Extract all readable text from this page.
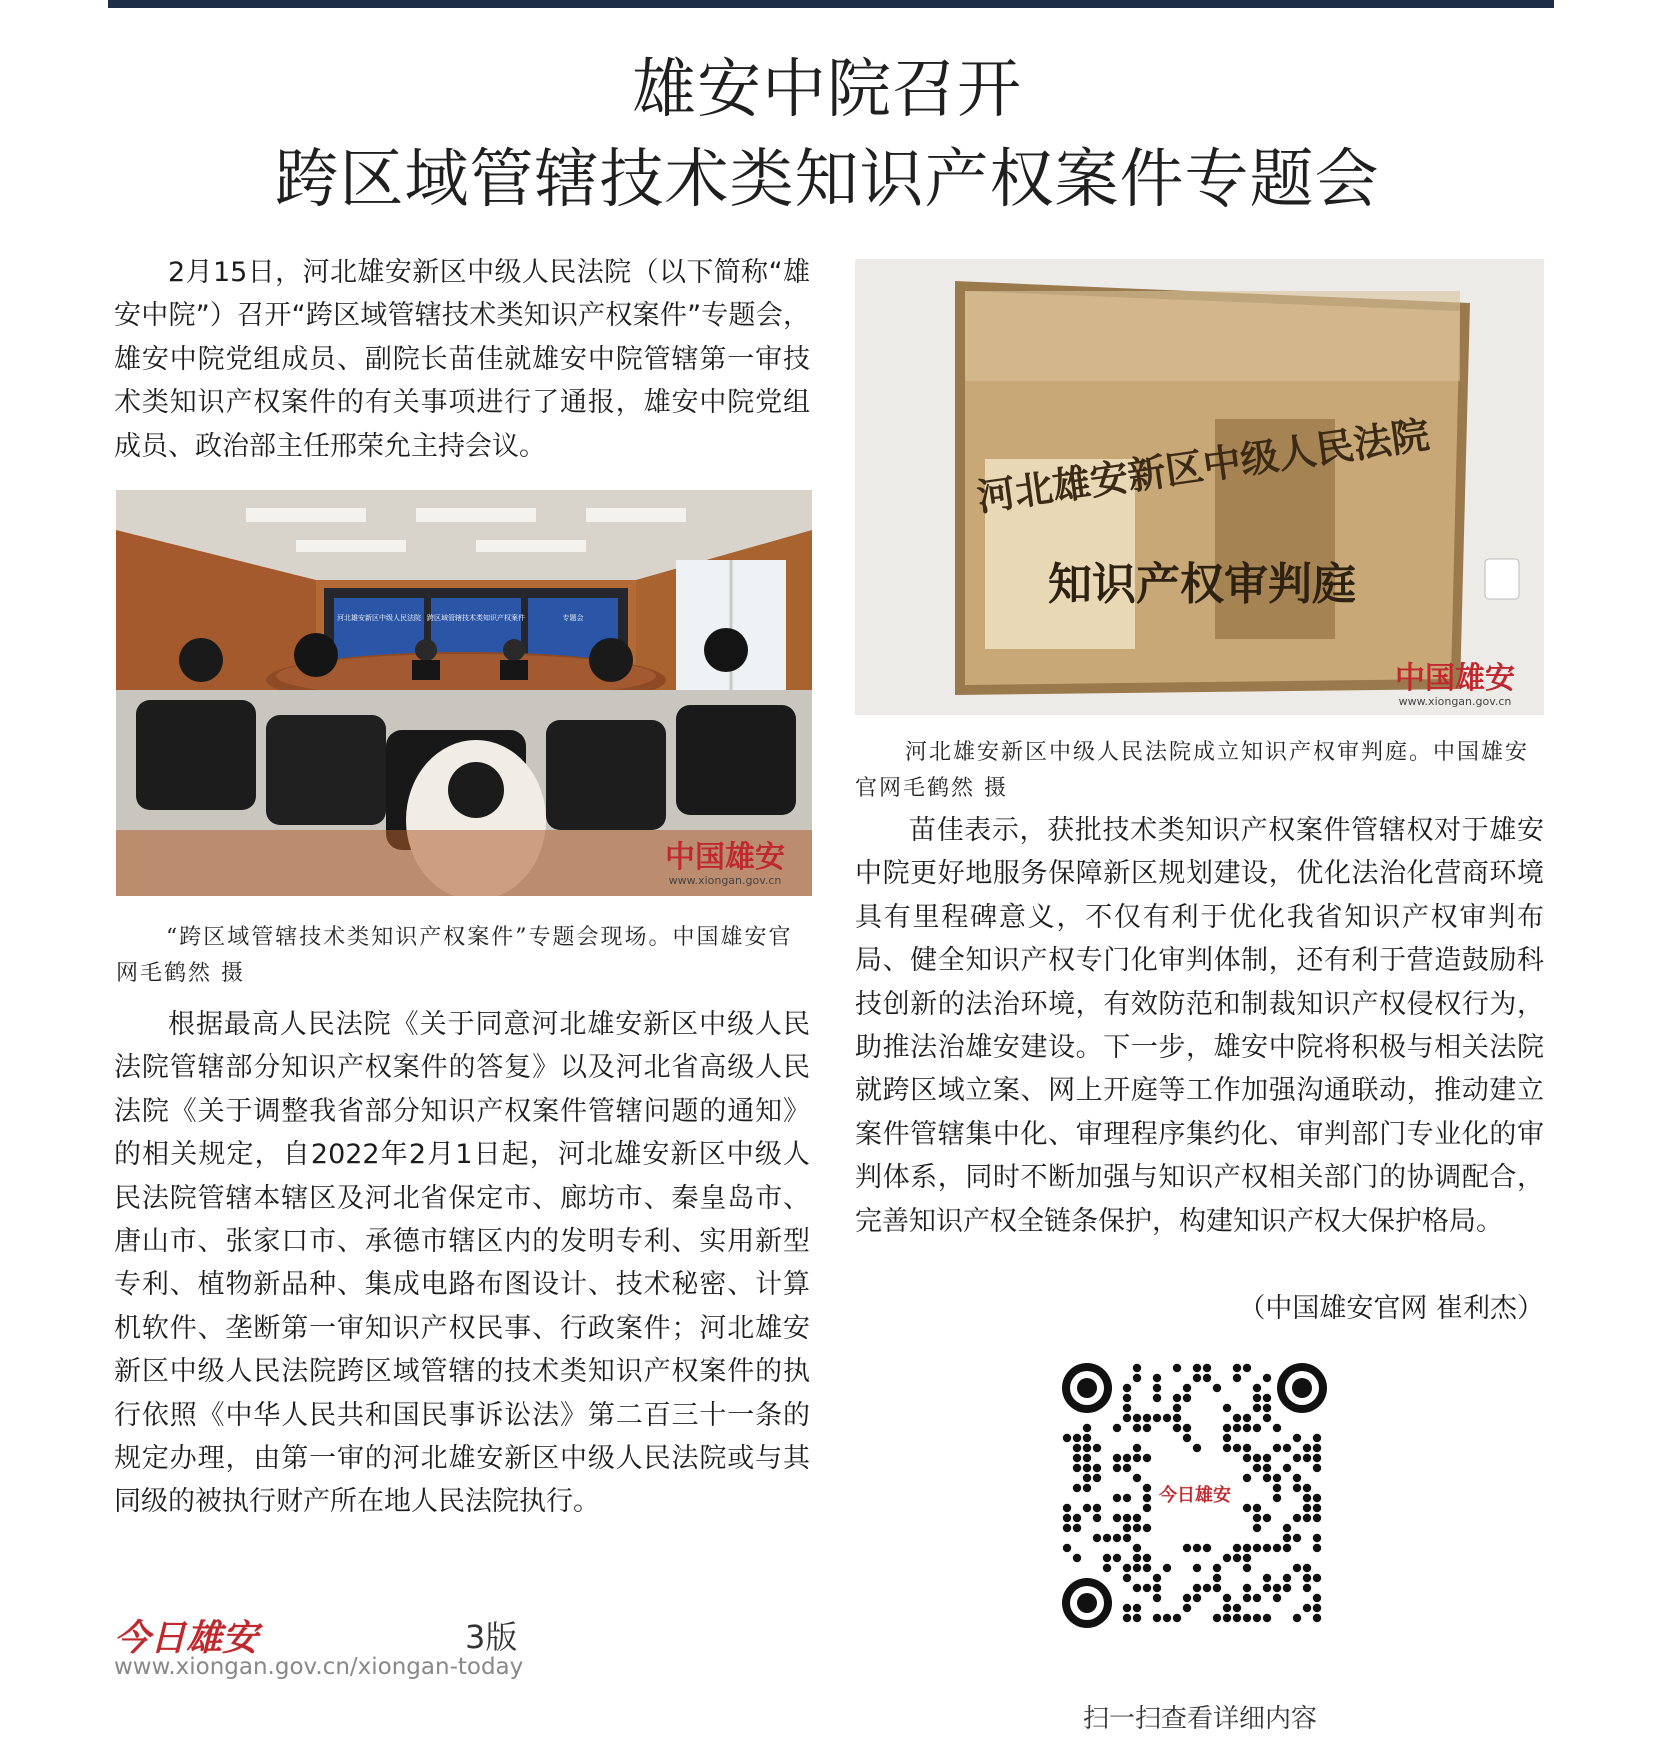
雄安中院召开
跨区域管辖技术类知识产权案件专题会
2月15日，河北雄安新区中级人民法院（以下简称“雄安中院”）召开“跨区域管辖技术类知识产权案件”专题会，雄安中院党组成员、副院长苗佳就雄安中院管辖第一审技术类知识产权案件的有关事项进行了通报，雄安中院党组成员、政治部主任邢荣允主持会议。
河北雄安新区中级人民法院 跨区域管辖技术类知识产权案件	专题会
中国雄安
www.xiongan.gov.cn
“跨区域管辖技术类知识产权案件”专题会现场。中国雄安官网毛鹤然 摄
根据最高人民法院《关于同意河北雄安新区中级人民法院管辖部分知识产权案件的答复》以及河北省高级人民法院《关于调整我省部分知识产权案件管辖问题的通知》的相关规定，自2022年2月1日起，河北雄安新区中级人民法院管辖本辖区及河北省保定市、廊坊市、秦皇岛市、唐山市、张家口市、承德市辖区内的发明专利、实用新型专利、植物新品种、集成电路布图设计、技术秘密、计算机软件、垄断第一审知识产权民事、行政案件；河北雄安新区中级人民法院跨区域管辖的技术类知识产权案件的执行依照《中华人民共和国民事诉讼法》第二百三十一条的规定办理，由第一审的河北雄安新区中级人民法院或与其同级的被执行财产所在地人民法院执行。
河北雄安新区中级人民法院
知识产权审判庭
中国雄安
www.xiongan.gov.cn
河北雄安新区中级人民法院成立知识产权审判庭。中国雄安官网毛鹤然 摄
苗佳表示，获批技术类知识产权案件管辖权对于雄安中院更好地服务保障新区规划建设，优化法治化营商环境具有里程碑意义，不仅有利于优化我省知识产权审判布局、健全知识产权专门化审判体制，还有利于营造鼓励科技创新的法治环境，有效防范和制裁知识产权侵权行为，助推法治雄安建设。下一步，雄安中院将积极与相关法院就跨区域立案、网上开庭等工作加强沟通联动，推动建立案件管辖集中化、审理程序集约化、审判部门专业化的审判体系，同时不断加强与知识产权相关部门的协调配合，完善知识产权全链条保护，构建知识产权大保护格局。
（中国雄安官网 崔利杰）
今日雄安
扫一扫查看详细内容
今日雄安	3版
www.xiongan.gov.cn/xiongan-today
